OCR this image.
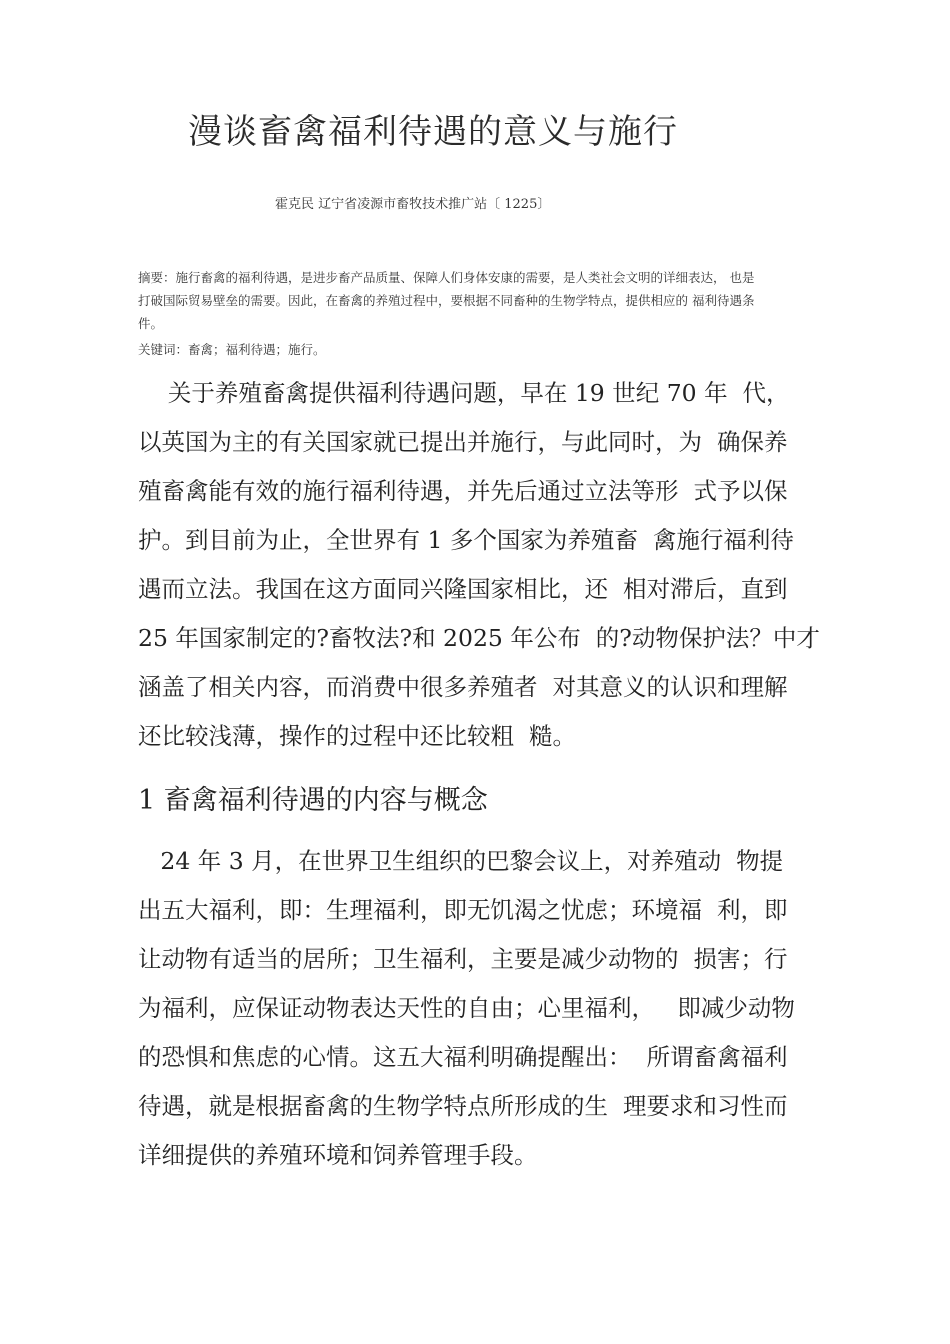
漫谈畜禽福利待遇的意义与施行
霍克民 辽宁省凌源市畜牧技术推广站〔 1225〕
摘要：施行畜禽的福利待遇，是进步畜产品质量、保障人们身体安康的需要，是人类社会文明的详细表达， 也是
打破国际贸易壁垒的需要。因此，在畜禽的养殖过程中，要根据不同畜种的生物学特点，提供相应的 福利待遇条
件。
关键词：畜禽；福利待遇；施行。
关于养殖畜禽提供福利待遇问题，早在 19 世纪 70 年  代，
以英国为主的有关国家就已提出并施行，与此同时，为  确保养
殖畜禽能有效的施行福利待遇，并先后通过立法等形  式予以保
护。到目前为止，全世界有 1 多个国家为养殖畜  禽施行福利待
遇而立法。我国在这方面同兴隆国家相比，还  相对滞后，直到
25 年国家制定的?畜牧法?和 2025 年公布  的?动物保护法？中才
涵盖了相关内容，而消费中很多养殖者  对其意义的认识和理解
还比较浅薄，操作的过程中还比较粗  糙。
1 畜禽福利待遇的内容与概念
24 年 3 月，在世界卫生组织的巴黎会议上，对养殖动  物提
出五大福利，即：生理福利，即无饥渴之忧虑；环境福  利，即
让动物有适当的居所；卫生福利，主要是减少动物的  损害；行
为福利，应保证动物表达天性的自由；心里福利，   即减少动物
的恐惧和焦虑的心情。这五大福利明确提醒出：  所谓畜禽福利
待遇，就是根据畜禽的生物学特点所形成的生  理要求和习性而
详细提供的养殖环境和饲养管理手段。
